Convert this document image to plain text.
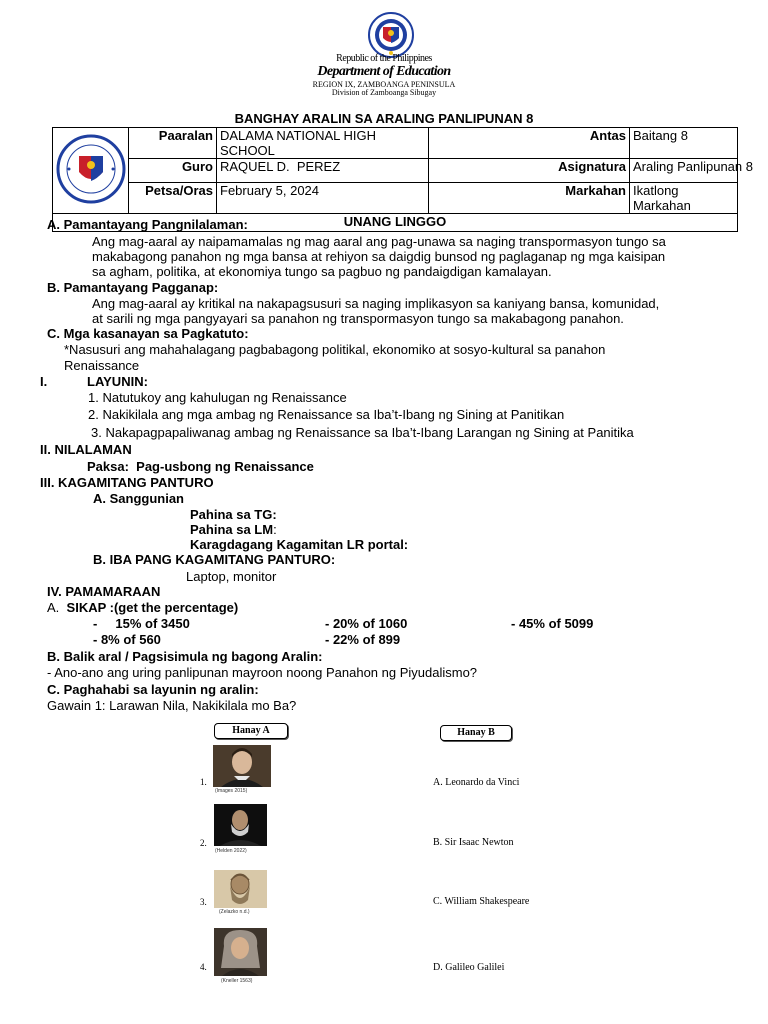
Republic of the Philippines
Department of Education
REGION IX, ZAMBOANGA PENINSULA
Division of Zamboanga Sibugay
BANGHAY ARALIN SA ARALING PANLIPUNAN 8
	Paaralan	DALAMA NATIONAL HIGH SCHOOL	Antas	Baitang 8
	Guro	RAQUEL D.  PEREZ	Asignatura	Araling Panlipunan 8
	Petsa/Oras	February 5, 2024	Markahan	Ikatlong Markahan
UNANG LINGGO				
A. Pamantayang Pangnilalaman:
Ang mag-aaral ay naipamamalas ng mag aaral ang pag-unawa sa naging transpormasyon tungo sa
makabagong panahon ng mga bansa at rehiyon sa daigdig bunsod ng paglaganap ng mga kaisipan
sa agham, politika, at ekonomiya tungo sa pagbuo ng pandaigdigan kamalayan.
B. Pamantayang Pagganap:
Ang mag-aaral ay kritikal na nakapagsusuri sa naging implikasyon sa kaniyang bansa, komunidad,
at sarili ng mga pangyayari sa panahon ng transpormasyon tungo sa makabagong panahon.
C. Mga kasanayan sa Pagkatuto:
*Nasusuri ang mahahalagang pagbabagong politikal, ekonomiko at sosyo-kultural sa panahon
Renaissance
I.	LAYUNIN:
1. Natutukoy ang kahulugan ng Renaissance
2. Nakikilala ang mga ambag ng Renaissance sa Iba’t-Ibang ng Sining at Panitikan
3. Nakapagpapaliwanag ambag ng Renaissance sa Iba’t-Ibang Larangan ng Sining at Panitika
II. NILALAMAN
Paksa: Pag-usbong ng Renaissance
III. KAGAMITANG PANTURO
A. Sanggunian
Pahina sa TG:
Pahina sa LM:
Karagdagang Kagamitan LR portal:
B. IBA PANG KAGAMITANG PANTURO:
Laptop, monitor
IV. PAMAMARAAN
A. SIKAP :(get the percentage)
-     15% of 3450	- 20% of 1060	- 45% of 5099
- 8% of 560	- 22% of 899
B. Balik aral / Pagsisimula ng bagong Aralin:
- Ano-ano ang uring panlipunan mayroon noong Panahon ng Piyudalismo?
C. Paghahabi sa layunin ng aralin:
Gawain 1: Larawan Nila, Nakikilala mo Ba?
Hanay A	Hanay B
1.
(Images 2015)
A. Leonardo da Vinci
2.
(Helden 2022)
B. Sir Isaac Newton
3.
(Zelazko n.d.)
C. William Shakespeare
4.
(Kneller 1563)
D. Galileo Galilei
